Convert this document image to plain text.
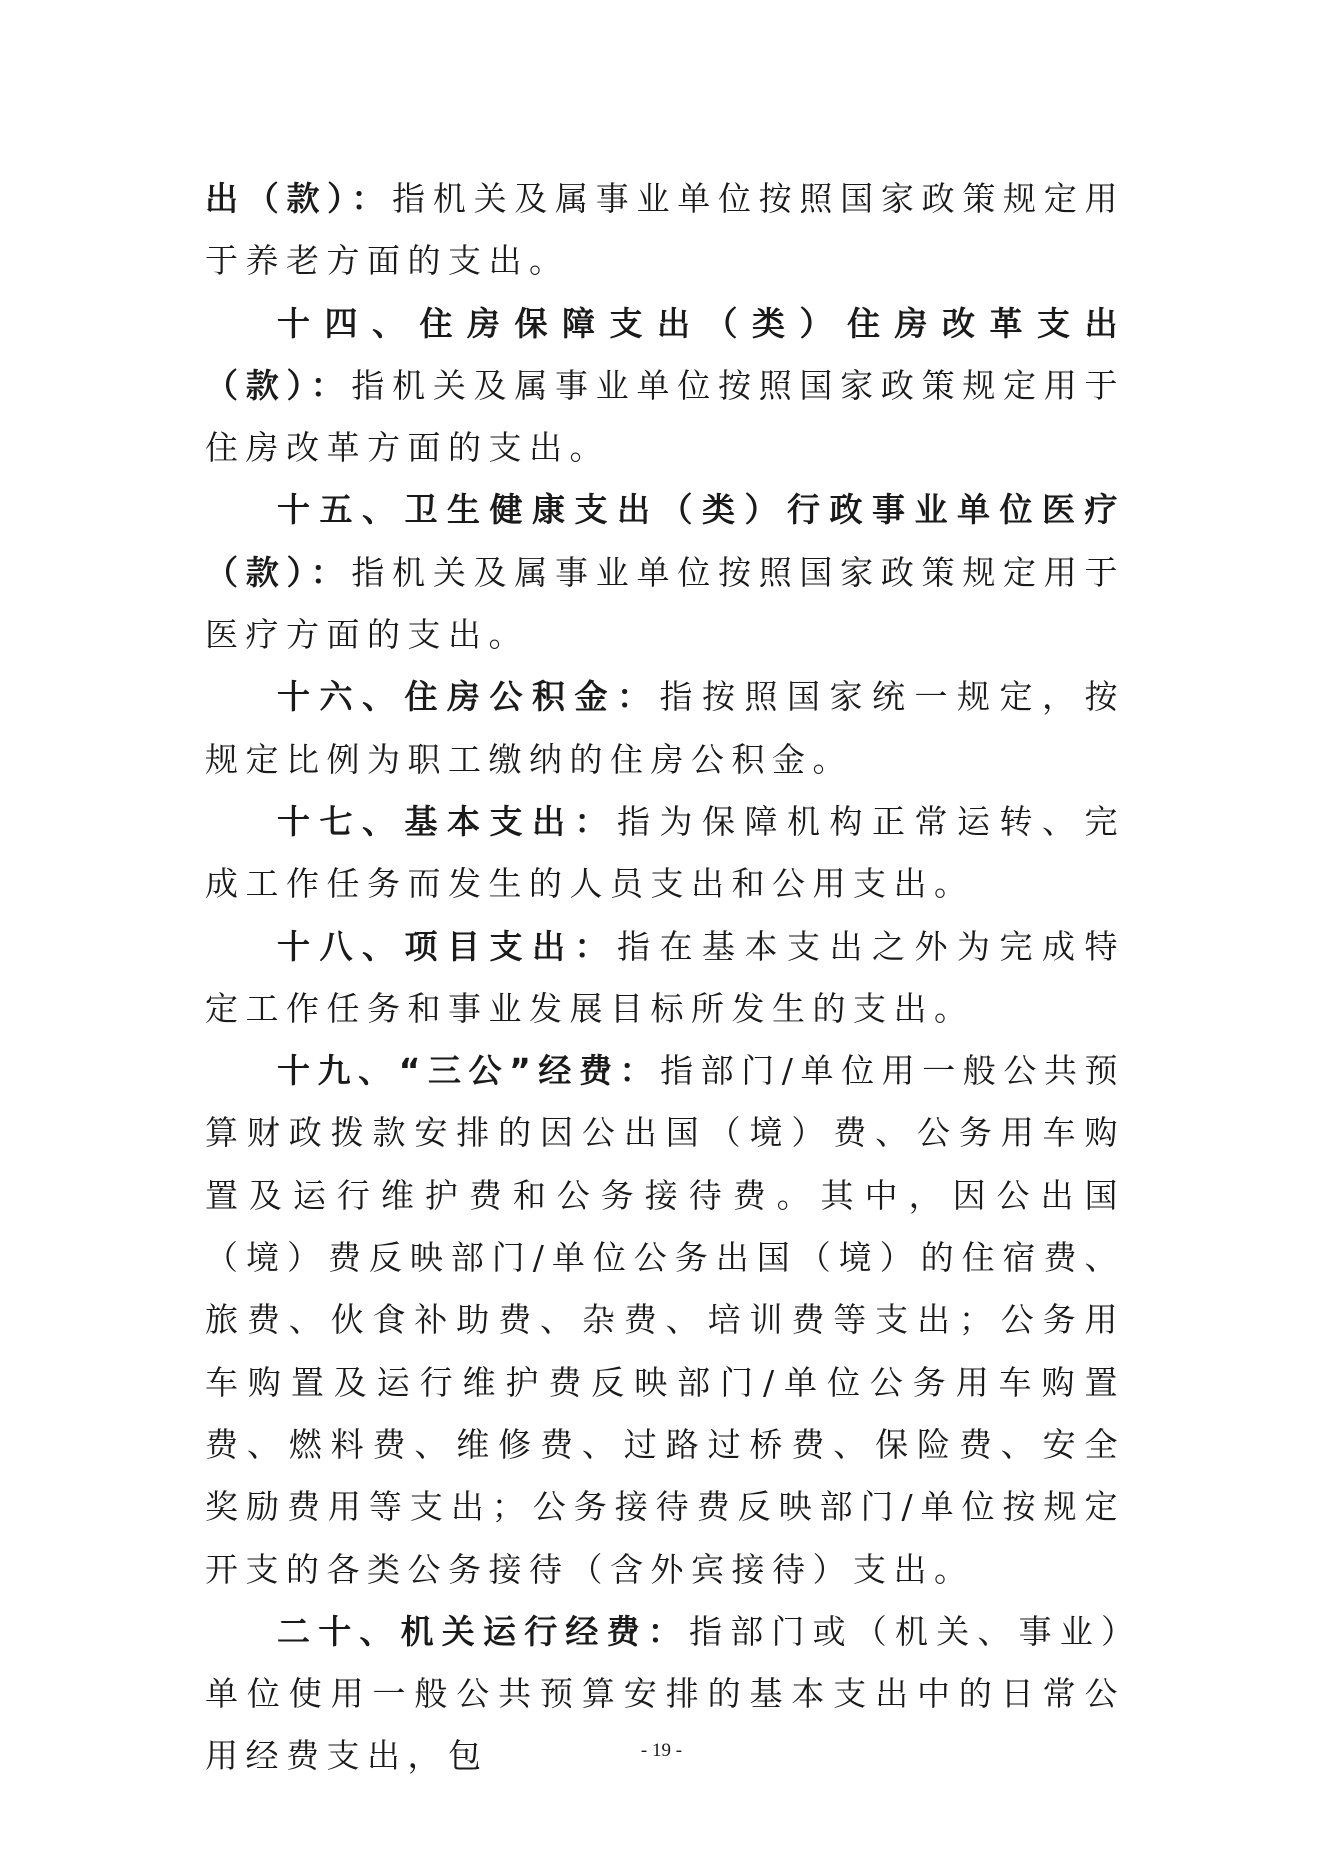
出（款）：指机关及属事业单位按照国家政策规定用于养老方面的支出。

十四、住房保障支出（类）住房改革支出（款）：指机关及属事业单位按照国家政策规定用于住房改革方面的支出。

十五、卫生健康支出（类）行政事业单位医疗（款）：指机关及属事业单位按照国家政策规定用于医疗方面的支出。

十六、住房公积金：指按照国家统一规定，按规定比例为职工缴纳的住房公积金。

十七、基本支出：指为保障机构正常运转、完成工作任务而发生的人员支出和公用支出。

十八、项目支出：指在基本支出之外为完成特定工作任务和事业发展目标所发生的支出。

十九、“三公”经费：指部门/单位用一般公共预算财政拨款安排的因公出国（境）费、公务用车购置及运行维护费和公务接待费。其中，因公出国（境）费反映部门/单位公务出国（境）的住宿费、旅费、伙食补助费、杂费、培训费等支出；公务用车购置及运行维护费反映部门/单位公务用车购置费、燃料费、维修费、过路过桥费、保险费、安全奖励费用等支出；公务接待费反映部门/单位按规定开支的各类公务接待（含外宾接待）支出。

二十、机关运行经费：指部门或（机关、事业）单位使用一般公共预算安排的基本支出中的日常公用经费支出，包	- 19 -
